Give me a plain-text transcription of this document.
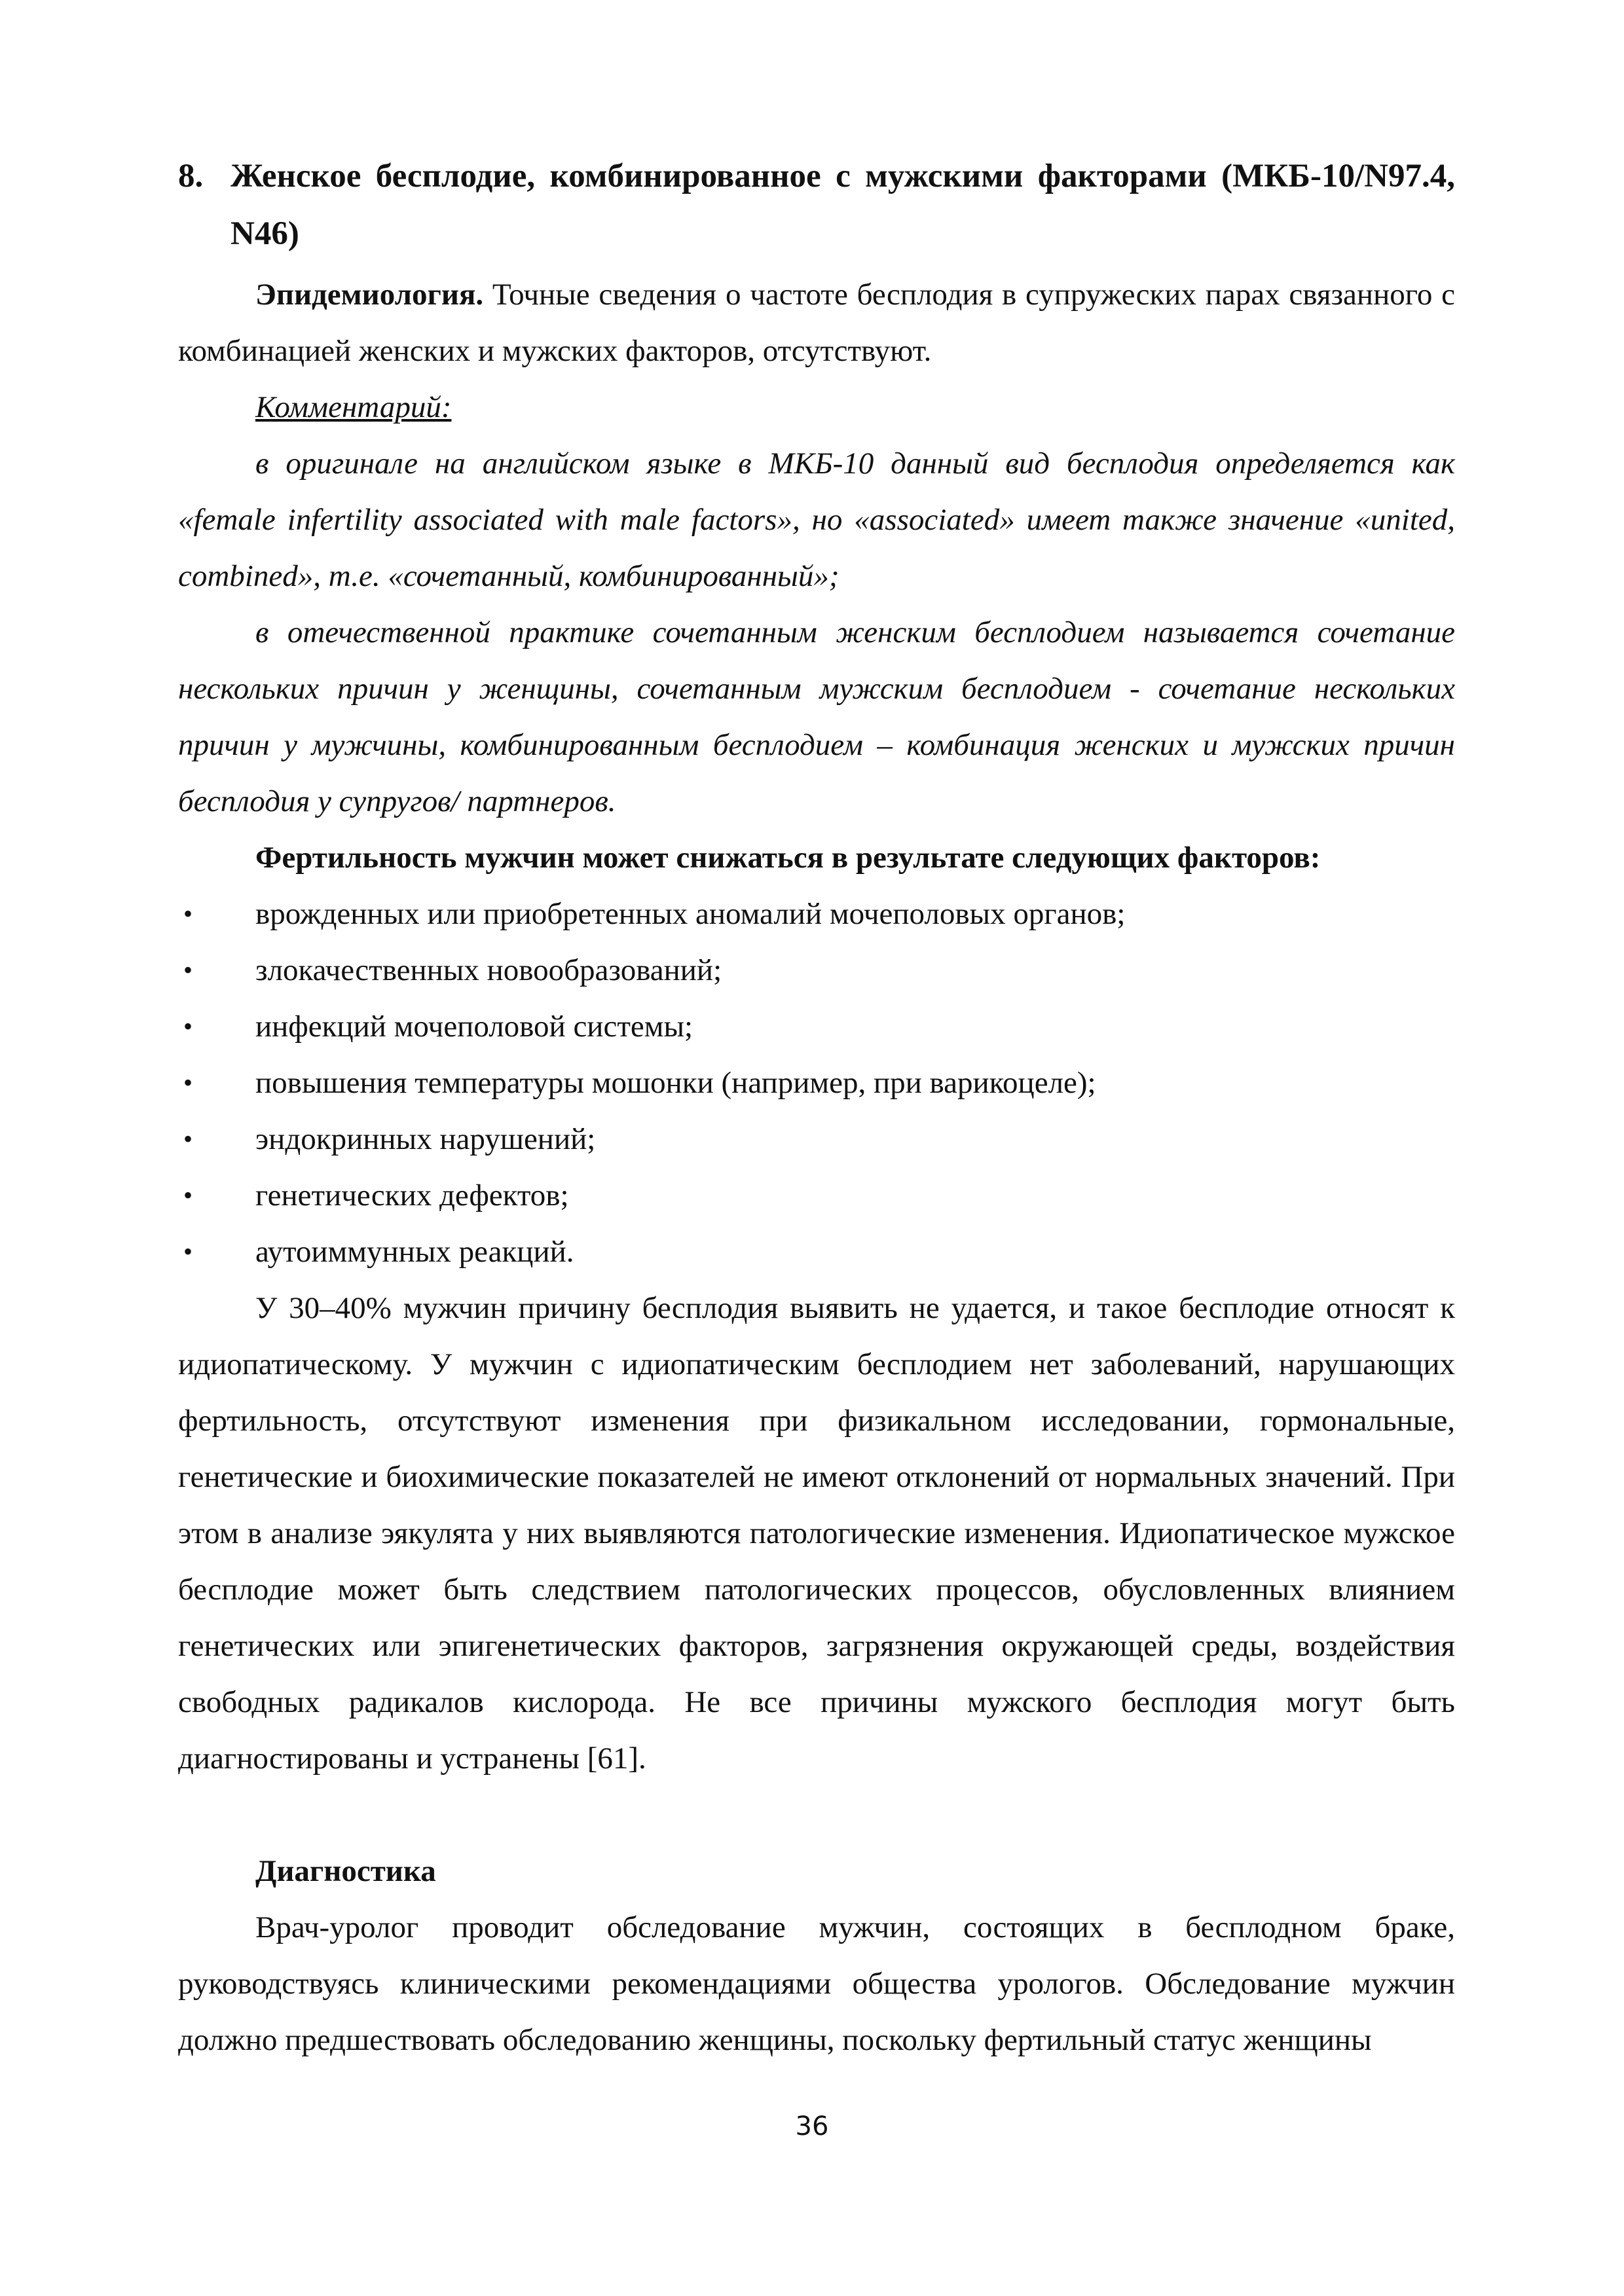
8. Женское бесплодие, комбинированное с мужскими факторами (МКБ-10/N97.4, N46)

Эпидемиология. Точные сведения о частоте бесплодия в супружеских парах связанного с комбинацией женских и мужских факторов, отсутствуют.

Комментарий:

в оригинале на английском языке в МКБ-10 данный вид бесплодия определяется как «female infertility associated with male factors», но «associated» имеет также значение «united, combined», т.е. «сочетанный, комбинированный»;

в отечественной практике сочетанным женским бесплодием называется сочетание нескольких причин у женщины, сочетанным мужским бесплодием - сочетание нескольких причин у мужчины, комбинированным бесплодием – комбинация женских и мужских причин бесплодия у супругов/ партнеров.

Фертильность мужчин может снижаться в результате следующих факторов:
• врожденных или приобретенных аномалий мочеполовых органов;
• злокачественных новообразований;
• инфекций мочеполовой системы;
• повышения температуры мошонки (например, при варикоцеле);
• эндокринных нарушений;
• генетических дефектов;
• аутоиммунных реакций.

У 30–40% мужчин причину бесплодия выявить не удается, и такое бесплодие относят к идиопатическому. У мужчин с идиопатическим бесплодием нет заболеваний, нарушающих фертильность, отсутствуют изменения при физикальном исследовании, гормональные, генетические и биохимические показателей не имеют отклонений от нормальных значений. При этом в анализе эякулята у них выявляются патологические изменения. Идиопатическое мужское бесплодие может быть следствием патологических процессов, обусловленных влиянием генетических или эпигенетических факторов, загрязнения окружающей среды, воздействия свободных радикалов кислорода. Не все причины мужского бесплодия могут быть диагностированы и устранены [61].

Диагностика

Врач-уролог проводит обследование мужчин, состоящих в бесплодном браке, руководствуясь клиническими рекомендациями общества урологов. Обследование мужчин должно предшествовать обследованию женщины, поскольку фертильный статус женщины

36
